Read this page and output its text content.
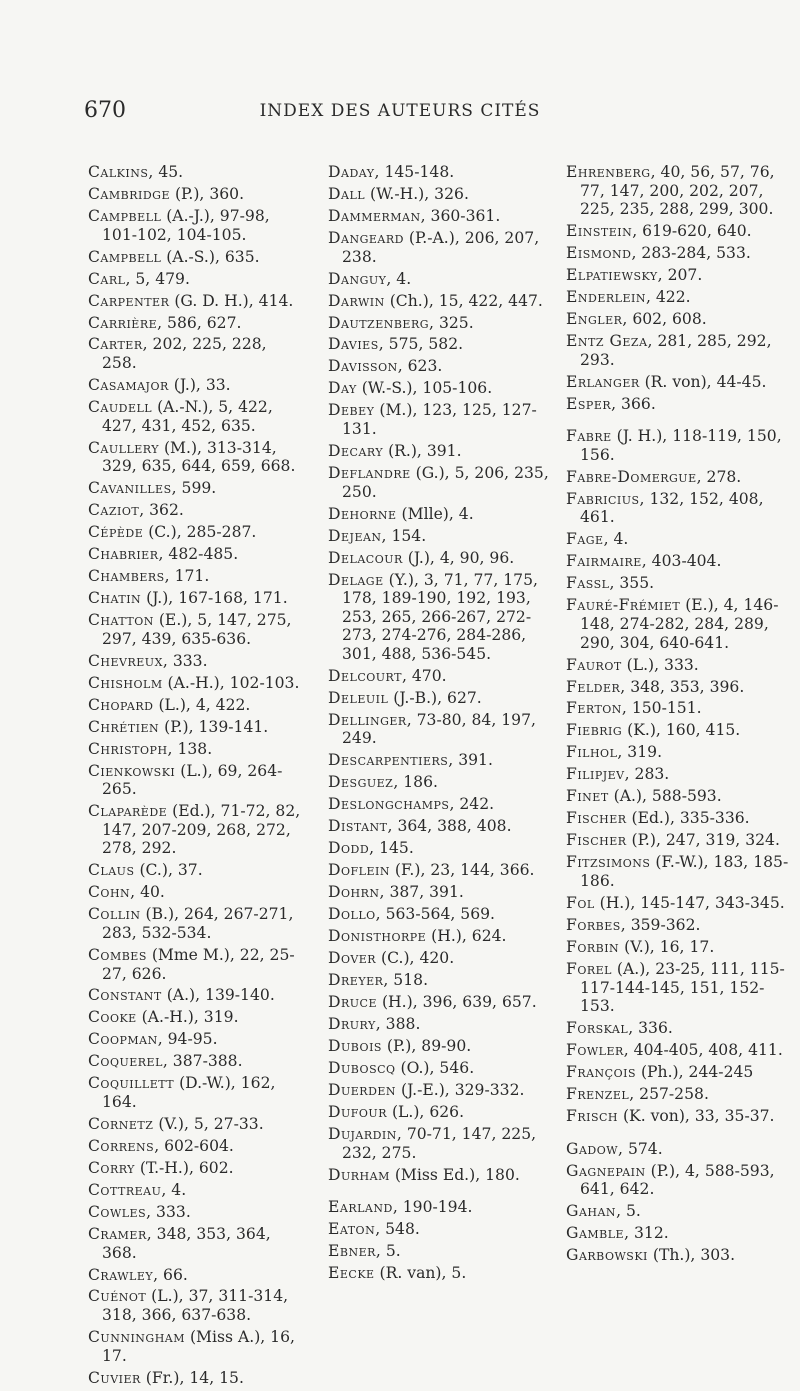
670	INDEX DES AUTEURS CITÉS
Calkins, 45.
Cambridge (P.), 360.
Campbell (A.-J.), 97-98, 101-102, 104-105.
Campbell (A.-S.), 635.
Carl, 5, 479.
Carpenter (G. D. H.), 414.
Carrière, 586, 627.
Carter, 202, 225, 228, 258.
Casamajor (J.), 33.
Caudell (A.-N.), 5, 422, 427, 431, 452, 635.
Caullery (M.), 313-314, 329, 635, 644, 659, 668.
Cavanilles, 599.
Caziot, 362.
Cépède (C.), 285-287.
Chabrier, 482-485.
Chambers, 171.
Chatin (J.), 167-168, 171.
Chatton (E.), 5, 147, 275, 297, 439, 635-636.
Chevreux, 333.
Chisholm (A.-H.), 102-103.
Chopard (L.), 4, 422.
Chrétien (P.), 139-141.
Christoph, 138.
Cienkowski (L.), 69, 264-265.
Claparède (Ed.), 71-72, 82, 147, 207-209, 268, 272, 278, 292.
Claus (C.), 37.
Cohn, 40.
Collin (B.), 264, 267-271, 283, 532-534.
Combes (Mme M.), 22, 25-27, 626.
Constant (A.), 139-140.
Cooke (A.-H.), 319.
Coopman, 94-95.
Coquerel, 387-388.
Coquillett (D.-W.), 162, 164.
Cornetz (V.), 5, 27-33.
Correns, 602-604.
Corry (T.-H.), 602.
Cottreau, 4.
Cowles, 333.
Cramer, 348, 353, 364, 368.
Crawley, 66.
Cuénot (L.), 37, 311-314, 318, 366, 637-638.
Cunningham (Miss A.), 16, 17.
Cuvier (Fr.), 14, 15.
Daday, 145-148.
Dall (W.-H.), 326.
Dammerman, 360-361.
Dangeard (P.-A.), 206, 207, 238.
Danguy, 4.
Darwin (Ch.), 15, 422, 447.
Dautzenberg, 325.
Davies, 575, 582.
Davisson, 623.
Day (W.-S.), 105-106.
Debey (M.), 123, 125, 127-131.
Decary (R.), 391.
Deflandre (G.), 5, 206, 235, 250.
Dehorne (Mlle), 4.
Dejean, 154.
Delacour (J.), 4, 90, 96.
Delage (Y.), 3, 71, 77, 175, 178, 189-190, 192, 193, 253, 265, 266-267, 272-273, 274-276, 284-286, 301, 488, 536-545.
Delcourt, 470.
Deleuil (J.-B.), 627.
Dellinger, 73-80, 84, 197, 249.
Descarpentiers, 391.
Desguez, 186.
Deslongchamps, 242.
Distant, 364, 388, 408.
Dodd, 145.
Doflein (F.), 23, 144, 366.
Dohrn, 387, 391.
Dollo, 563-564, 569.
Donisthorpe (H.), 624.
Dover (C.), 420.
Dreyer, 518.
Druce (H.), 396, 639, 657.
Drury, 388.
Dubois (P.), 89-90.
Duboscq (O.), 546.
Duerden (J.-E.), 329-332.
Dufour (L.), 626.
Dujardin, 70-71, 147, 225, 232, 275.
Durham (Miss Ed.), 180.
Earland, 190-194.
Eaton, 548.
Ebner, 5.
Eecke (R. van), 5.
Ehrenberg, 40, 56, 57, 76, 77, 147, 200, 202, 207, 225, 235, 288, 299, 300.
Einstein, 619-620, 640.
Eismond, 283-284, 533.
Elpatiewsky, 207.
Enderlein, 422.
Engler, 602, 608.
Entz Geza, 281, 285, 292, 293.
Erlanger (R. von), 44-45.
Esper, 366.
Fabre (J. H.), 118-119, 150, 156.
Fabre-Domergue, 278.
Fabricius, 132, 152, 408, 461.
Fage, 4.
Fairmaire, 403-404.
Fassl, 355.
Fauré-Frémiet (E.), 4, 146-148, 274-282, 284, 289, 290, 304, 640-641.
Faurot (L.), 333.
Felder, 348, 353, 396.
Ferton, 150-151.
Fiebrig (K.), 160, 415.
Filhol, 319.
Filipjev, 283.
Finet (A.), 588-593.
Fischer (Ed.), 335-336.
Fischer (P.), 247, 319, 324.
Fitzsimons (F.-W.), 183, 185-186.
Fol (H.), 145-147, 343-345.
Forbes, 359-362.
Forbin (V.), 16, 17.
Forel (A.), 23-25, 111, 115-117-144-145, 151, 152-153.
Forskal, 336.
Fowler, 404-405, 408, 411.
François (Ph.), 244-245
Frenzel, 257-258.
Frisch (K. von), 33, 35-37.
Gadow, 574.
Gagnepain (P.), 4, 588-593, 641, 642.
Gahan, 5.
Gamble, 312.
Garbowski (Th.), 303.
